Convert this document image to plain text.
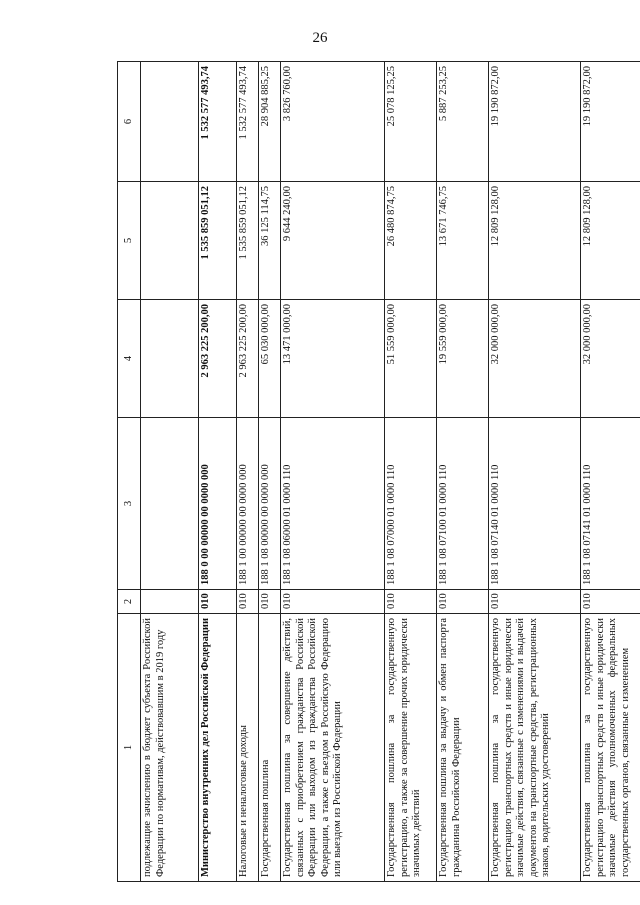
26
1	2	3	4	5	6
подлежащие зачислению в бюджет субъекта Российской Федерации по нормативам, действовавшим в 2019 году					
Министерство внутренних дел Российской Федерации	010	188 0 00 00000 00 0000 000	2 963 225 200,00	1 535 859 051,12	1 532 577 493,74
Налоговые и неналоговые доходы	010	188 1 00 00000 00 0000 000	2 963 225 200,00	1 535 859 051,12	1 532 577 493,74
Государственная пошлина	010	188 1 08 00000 00 0000 000	65 030 000,00	36 125 114,75	28 904 885,25
Государственная пошлина за совершение действий, связанных с приобретением гражданства Российской Федерации или выходом из гражданства Российской Федерации, а также с въездом в Российскую Федерацию или выездом из Российской Федерации	010	188 1 08 06000 01 0000 110	13 471 000,00	9 644 240,00	3 826 760,00
Государственная пошлина за государственную регистрацию, а также за совершение прочих юридически значимых действий	010	188 1 08 07000 01 0000 110	51 559 000,00	26 480 874,75	25 078 125,25
Государственная пошлина за выдачу и обмен паспорта гражданина Российской Федерации	010	188 1 08 07100 01 0000 110	19 559 000,00	13 671 746,75	5 887 253,25
Государственная пошлина за государственную регистрацию транспортных средств и иные юридически значимые действия, связанные с изменениями и выдачей документов на транспортные средства, регистрационных знаков, водительских удостоверений	010	188 1 08 07140 01 0000 110	32 000 000,00	12 809 128,00	19 190 872,00
Государственная пошлина за государственную регистрацию транспортных средств и иные юридически значимые действия уполномоченных федеральных государственных органов, связанные с изменением	010	188 1 08 07141 01 0000 110	32 000 000,00	12 809 128,00	19 190 872,00
